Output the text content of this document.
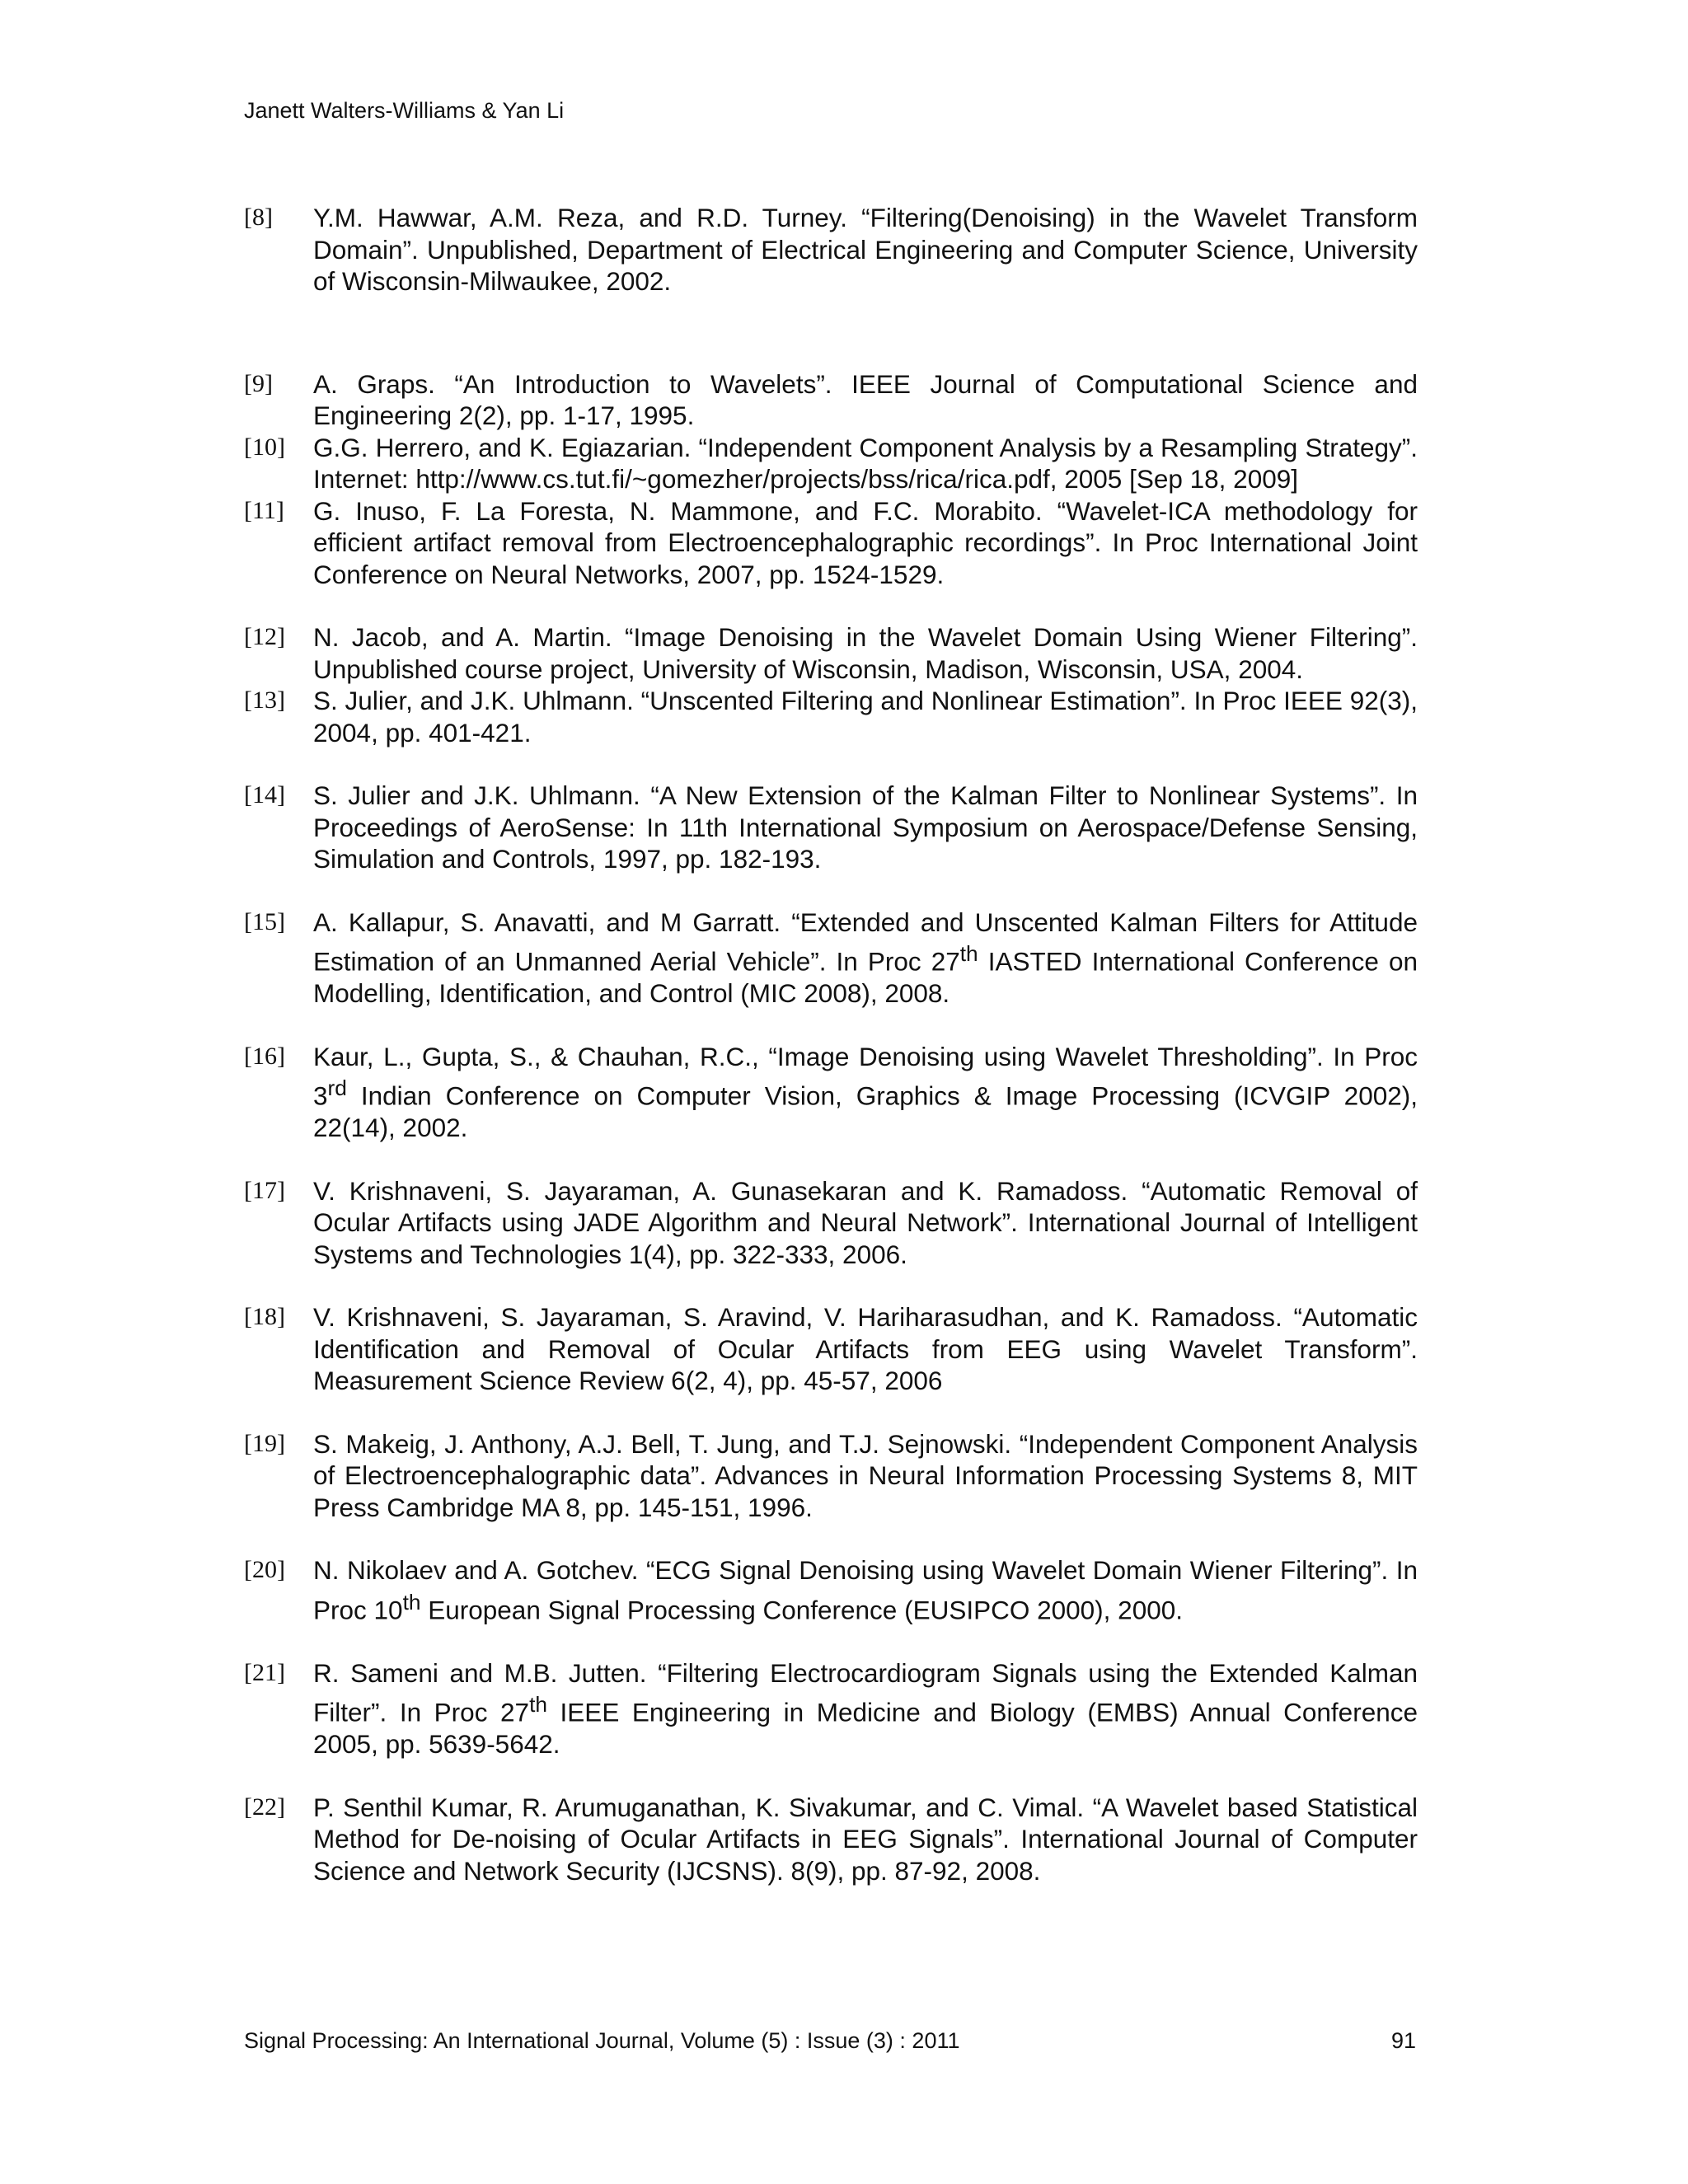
Janett Walters-Williams & Yan Li
[8]	Y.M. Hawwar, A.M. Reza, and R.D. Turney. “Filtering(Denoising) in the Wavelet Transform Domain”. Unpublished, Department of Electrical Engineering and Computer Science, University of Wisconsin-Milwaukee, 2002.
[9]	A. Graps. “An Introduction to Wavelets”. IEEE Journal of Computational Science and Engineering 2(2), pp. 1-17, 1995.
[10]	G.G. Herrero, and K. Egiazarian. “Independent Component Analysis by a Resampling Strategy”. Internet: http://www.cs.tut.fi/~gomezher/projects/bss/rica/rica.pdf, 2005 [Sep 18, 2009]
[11]	G. Inuso, F. La Foresta, N. Mammone, and F.C. Morabito. “Wavelet-ICA methodology for efficient artifact removal from Electroencephalographic recordings”. In Proc International Joint Conference on Neural Networks, 2007, pp. 1524-1529.
[12]	N. Jacob, and A. Martin. “Image Denoising in the Wavelet Domain Using Wiener Filtering”. Unpublished course project, University of Wisconsin, Madison, Wisconsin, USA, 2004.
[13]	S. Julier, and J.K. Uhlmann. “Unscented Filtering and Nonlinear Estimation”. In Proc IEEE 92(3), 2004, pp. 401-421.
[14]	S. Julier and J.K. Uhlmann. “A New Extension of the Kalman Filter to Nonlinear Systems”. In Proceedings of AeroSense: In 11th International Symposium on Aerospace/Defense Sensing, Simulation and Controls, 1997, pp. 182-193.
[15]	A. Kallapur, S. Anavatti, and M Garratt. “Extended and Unscented Kalman Filters for Attitude Estimation of an Unmanned Aerial Vehicle”. In Proc 27th IASTED International Conference on Modelling, Identification, and Control (MIC 2008), 2008.
[16]	Kaur, L., Gupta, S., & Chauhan, R.C., “Image Denoising using Wavelet Thresholding”. In Proc 3rd Indian Conference on Computer Vision, Graphics & Image Processing (ICVGIP 2002), 22(14), 2002.
[17]	V. Krishnaveni, S. Jayaraman, A. Gunasekaran and K. Ramadoss. “Automatic Removal of Ocular Artifacts using JADE Algorithm and Neural Network”. International Journal of Intelligent Systems and Technologies 1(4), pp. 322-333, 2006.
[18]	V. Krishnaveni, S. Jayaraman, S. Aravind, V. Hariharasudhan, and K. Ramadoss. “Automatic Identification and Removal of Ocular Artifacts from EEG using Wavelet Transform”. Measurement Science Review 6(2, 4), pp. 45-57, 2006
[19]	S. Makeig, J. Anthony, A.J. Bell, T. Jung, and T.J. Sejnowski. “Independent Component Analysis of Electroencephalographic data”. Advances in Neural Information Processing Systems 8, MIT Press Cambridge MA 8, pp. 145-151, 1996.
[20]	N. Nikolaev and A. Gotchev. “ECG Signal Denoising using Wavelet Domain Wiener Filtering”. In Proc 10th European Signal Processing Conference (EUSIPCO 2000), 2000.
[21]	R. Sameni and M.B. Jutten. “Filtering Electrocardiogram Signals using the Extended Kalman Filter”. In Proc 27th IEEE Engineering in Medicine and Biology (EMBS) Annual Conference 2005, pp. 5639-5642.
[22]	P. Senthil Kumar, R. Arumuganathan, K. Sivakumar, and C. Vimal. “A Wavelet based Statistical Method for De-noising of Ocular Artifacts in EEG Signals”. International Journal of Computer Science and Network Security (IJCSNS). 8(9), pp. 87-92, 2008.
Signal Processing: An International Journal, Volume (5) : Issue (3) : 2011	91
